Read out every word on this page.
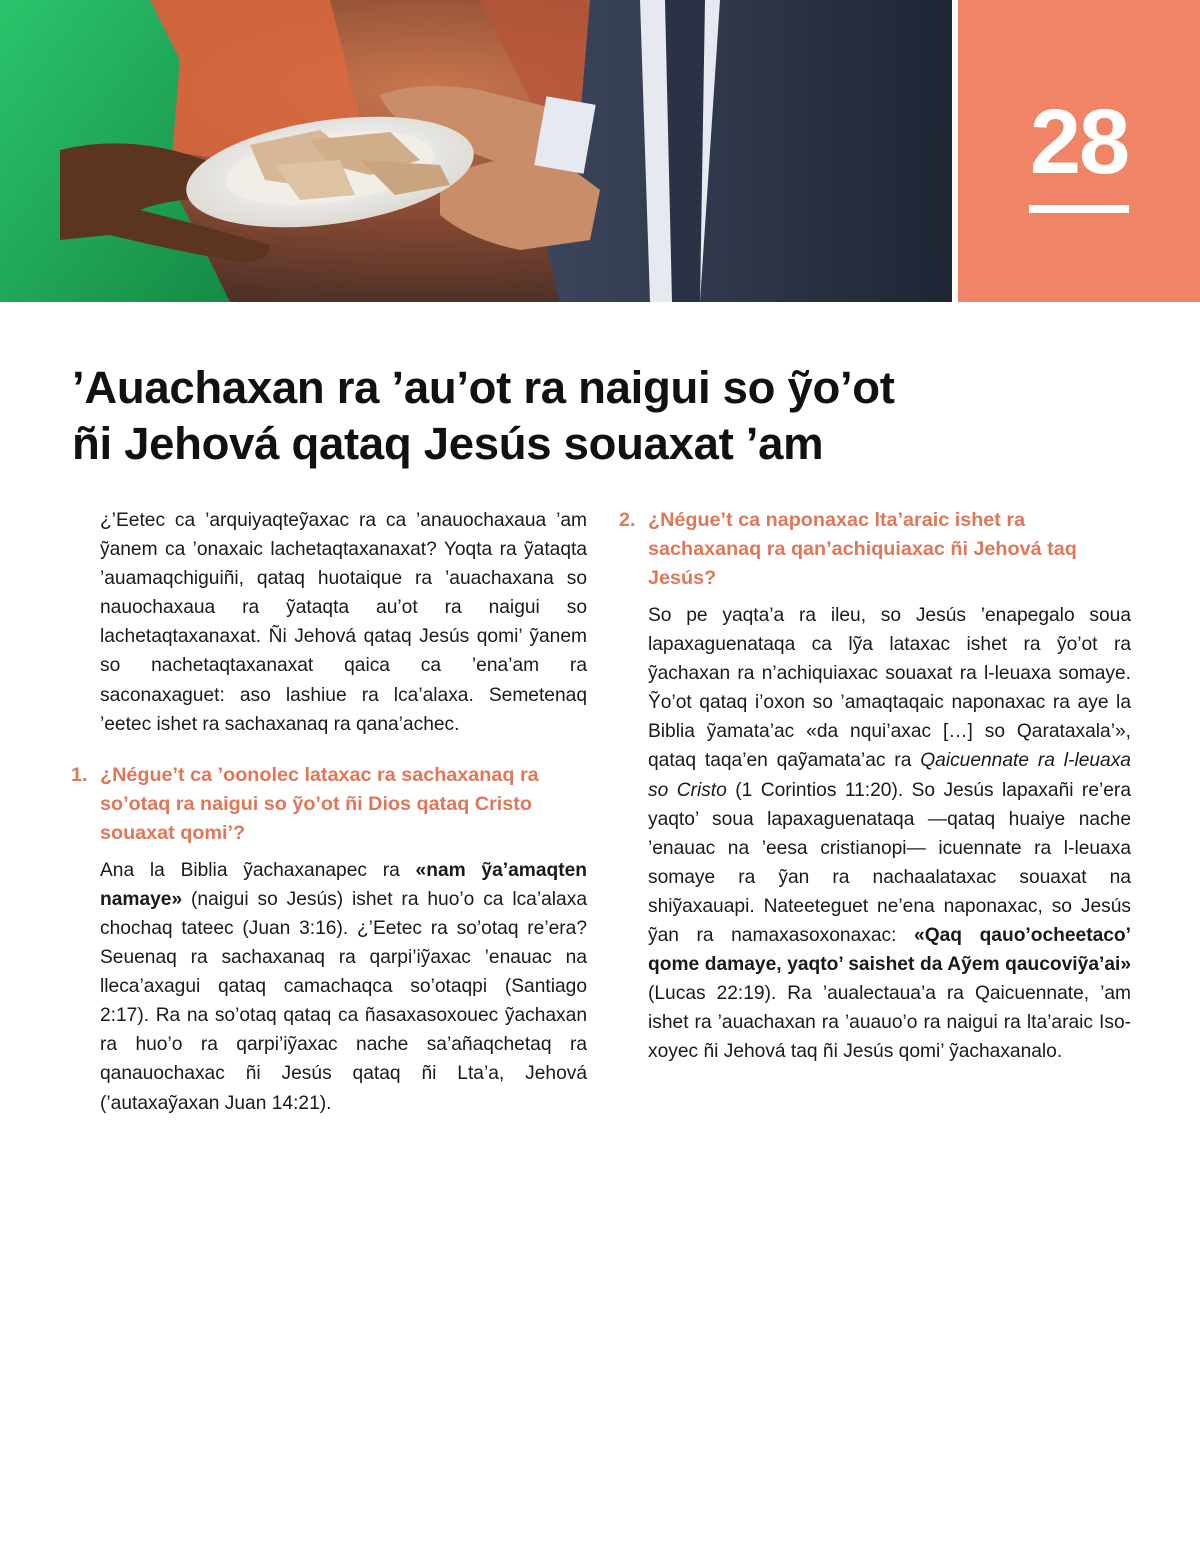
28
’Auachaxan ra ’au’ot ra naigui so ỹo’ot
ñi Jehová qataq Jesús souaxat ’am

¿’Eetec ca ’arquiyaqteỹaxac ra ca ’anauochaxaua ’am ỹanem ca ’onaxaic lachetaqtaxanaxat? Yoqta ra ỹataqta ’auamaqchiguiñi, qataq huotaique ra ’auachaxana so nauochaxaua ra ỹataqta au’ot ra naigui so lachetaqtaxanaxat. Ñi Jehová qataq Jesús qomi’ ỹanem so nachetaqtaxanaxat qaica ca ’ena’am ra saconaxaguet: aso lashiue ra lca’alaxa. Semetenaq ’eetec ishet ra sachaxanaq ra qana’achec.

1. ¿Négue’t ca ’oonolec lataxac ra sachaxanaq ra so’otaq ra naigui so ỹo’ot ñi Dios qataq Cristo souaxat qomi’?

Ana la Biblia ỹachaxanapec ra «nam ỹa’amaqten namaye» (naigui so Jesús) ishet ra huo’o ca lca’alaxa chochaq tateec (Juan 3:16). ¿’Eetec ra so’otaq re’era? Seuenaq ra sachaxanaq ra qarpi’iỹaxac ’enauac na lleca’axagui qataq camachaqca so’otaqpi (Santiago 2:17). Ra na so’otaq qataq ca ñasaxasoxouec ỹachaxan ra huo’o ra qarpi’iỹaxac nache sa’añaqchetaq ra qanauochaxac ñi Jesús qataq ñi Lta’a, Jehová (’autaxaỹaxan Juan 14:21).

2. ¿Négue’t ca naponaxac lta’araic ishet ra sachaxanaq ra qan’achiquiaxac ñi Jehová taq Jesús?

So pe yaqta’a ra ileu, so Jesús ’enapegalo soua lapaxaguenataqa ca lỹa lataxac ishet ra ỹo’ot ra ỹachaxan ra n’achiquiaxac souaxat ra l-leuaxa somaye. Ỹo’ot qataq i’oxon so ’amaqtaqaic naponaxac ra aye la Biblia ỹamata’ac «da nqui’axac […] so Qarataxala’», qataq taqa’en qaỹamata’ac ra Qaicuennate ra l-leuaxa so Cristo (1 Corintios 11:20). So Jesús lapaxañi re’era yaqto’ soua lapaxaguenataqa —qataq huaiye nache ’enauac na ’eesa cristianopi— icuennate ra l-leuaxa somaye ra ỹan ra nachaalataxac souaxat na shiỹaxauapi. Nateeteguet ne’ena naponaxac, so Jesús ỹan ra namaxasoxonaxac: «Qaq qauo’ocheetaco’ qome damaye, yaqto’ saishet da Aỹem qaucoviỹa’ai» (Lucas 22:19). Ra ’aualectaua’a ra Qaicuennate, ’am ishet ra ’auachaxan ra ’auauo’o ra naigui ra lta’araic Isoxoyec ñi Jehová taq ñi Jesús qomi’ ỹachaxanalo.
